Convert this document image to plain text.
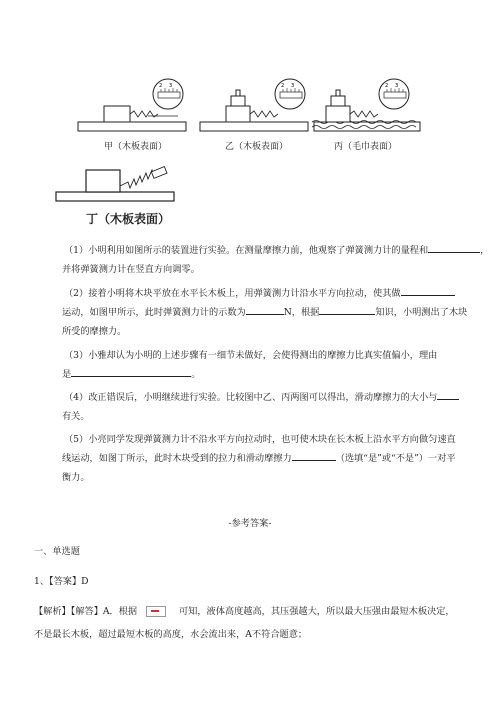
2 3
甲（木板表面）
2 3
乙（木板表面）
2 3
丙（毛巾表面）
丁（木板表面）
（1）小明利用如图所示的装置进行实验。在测量摩擦力前，他观察了弹簧测力计的量程和	，
并将弹簧测力计在竖直方向调零。
（2）接着小明将木块平放在水平长木板上，用弹簧测力计沿水平方向拉动，使其做
运动，如图甲所示，此时弹簧测力计的示数为	N，根据	知识，小明测出了木块
所受的摩擦力。
（3）小雅却认为小明的上述步骤有一细节未做好，会使得测出的摩擦力比真实值偏小，理由
是	。
（4）改正错误后，小明继续进行实验。比较图中乙、丙两图可以得出，滑动摩擦力的大小与
有关。
（5）小亮同学发现弹簧测力计不沿水平方向拉动时，也可使木块在长木板上沿水平方向做匀速直
线运动，如图丁所示，此时木块受到的拉力和滑动摩擦力	（选填“是”或“不是”）一对平
衡力。
-参考答案-
一、单选题
1、【答案】D
【解析】【解答】A．根据	可知，液体高度越高，其压强越大，所以最大压强由最短木板决定，
不是最长木板，超过最短木板的高度，水会流出来，A不符合题意；
